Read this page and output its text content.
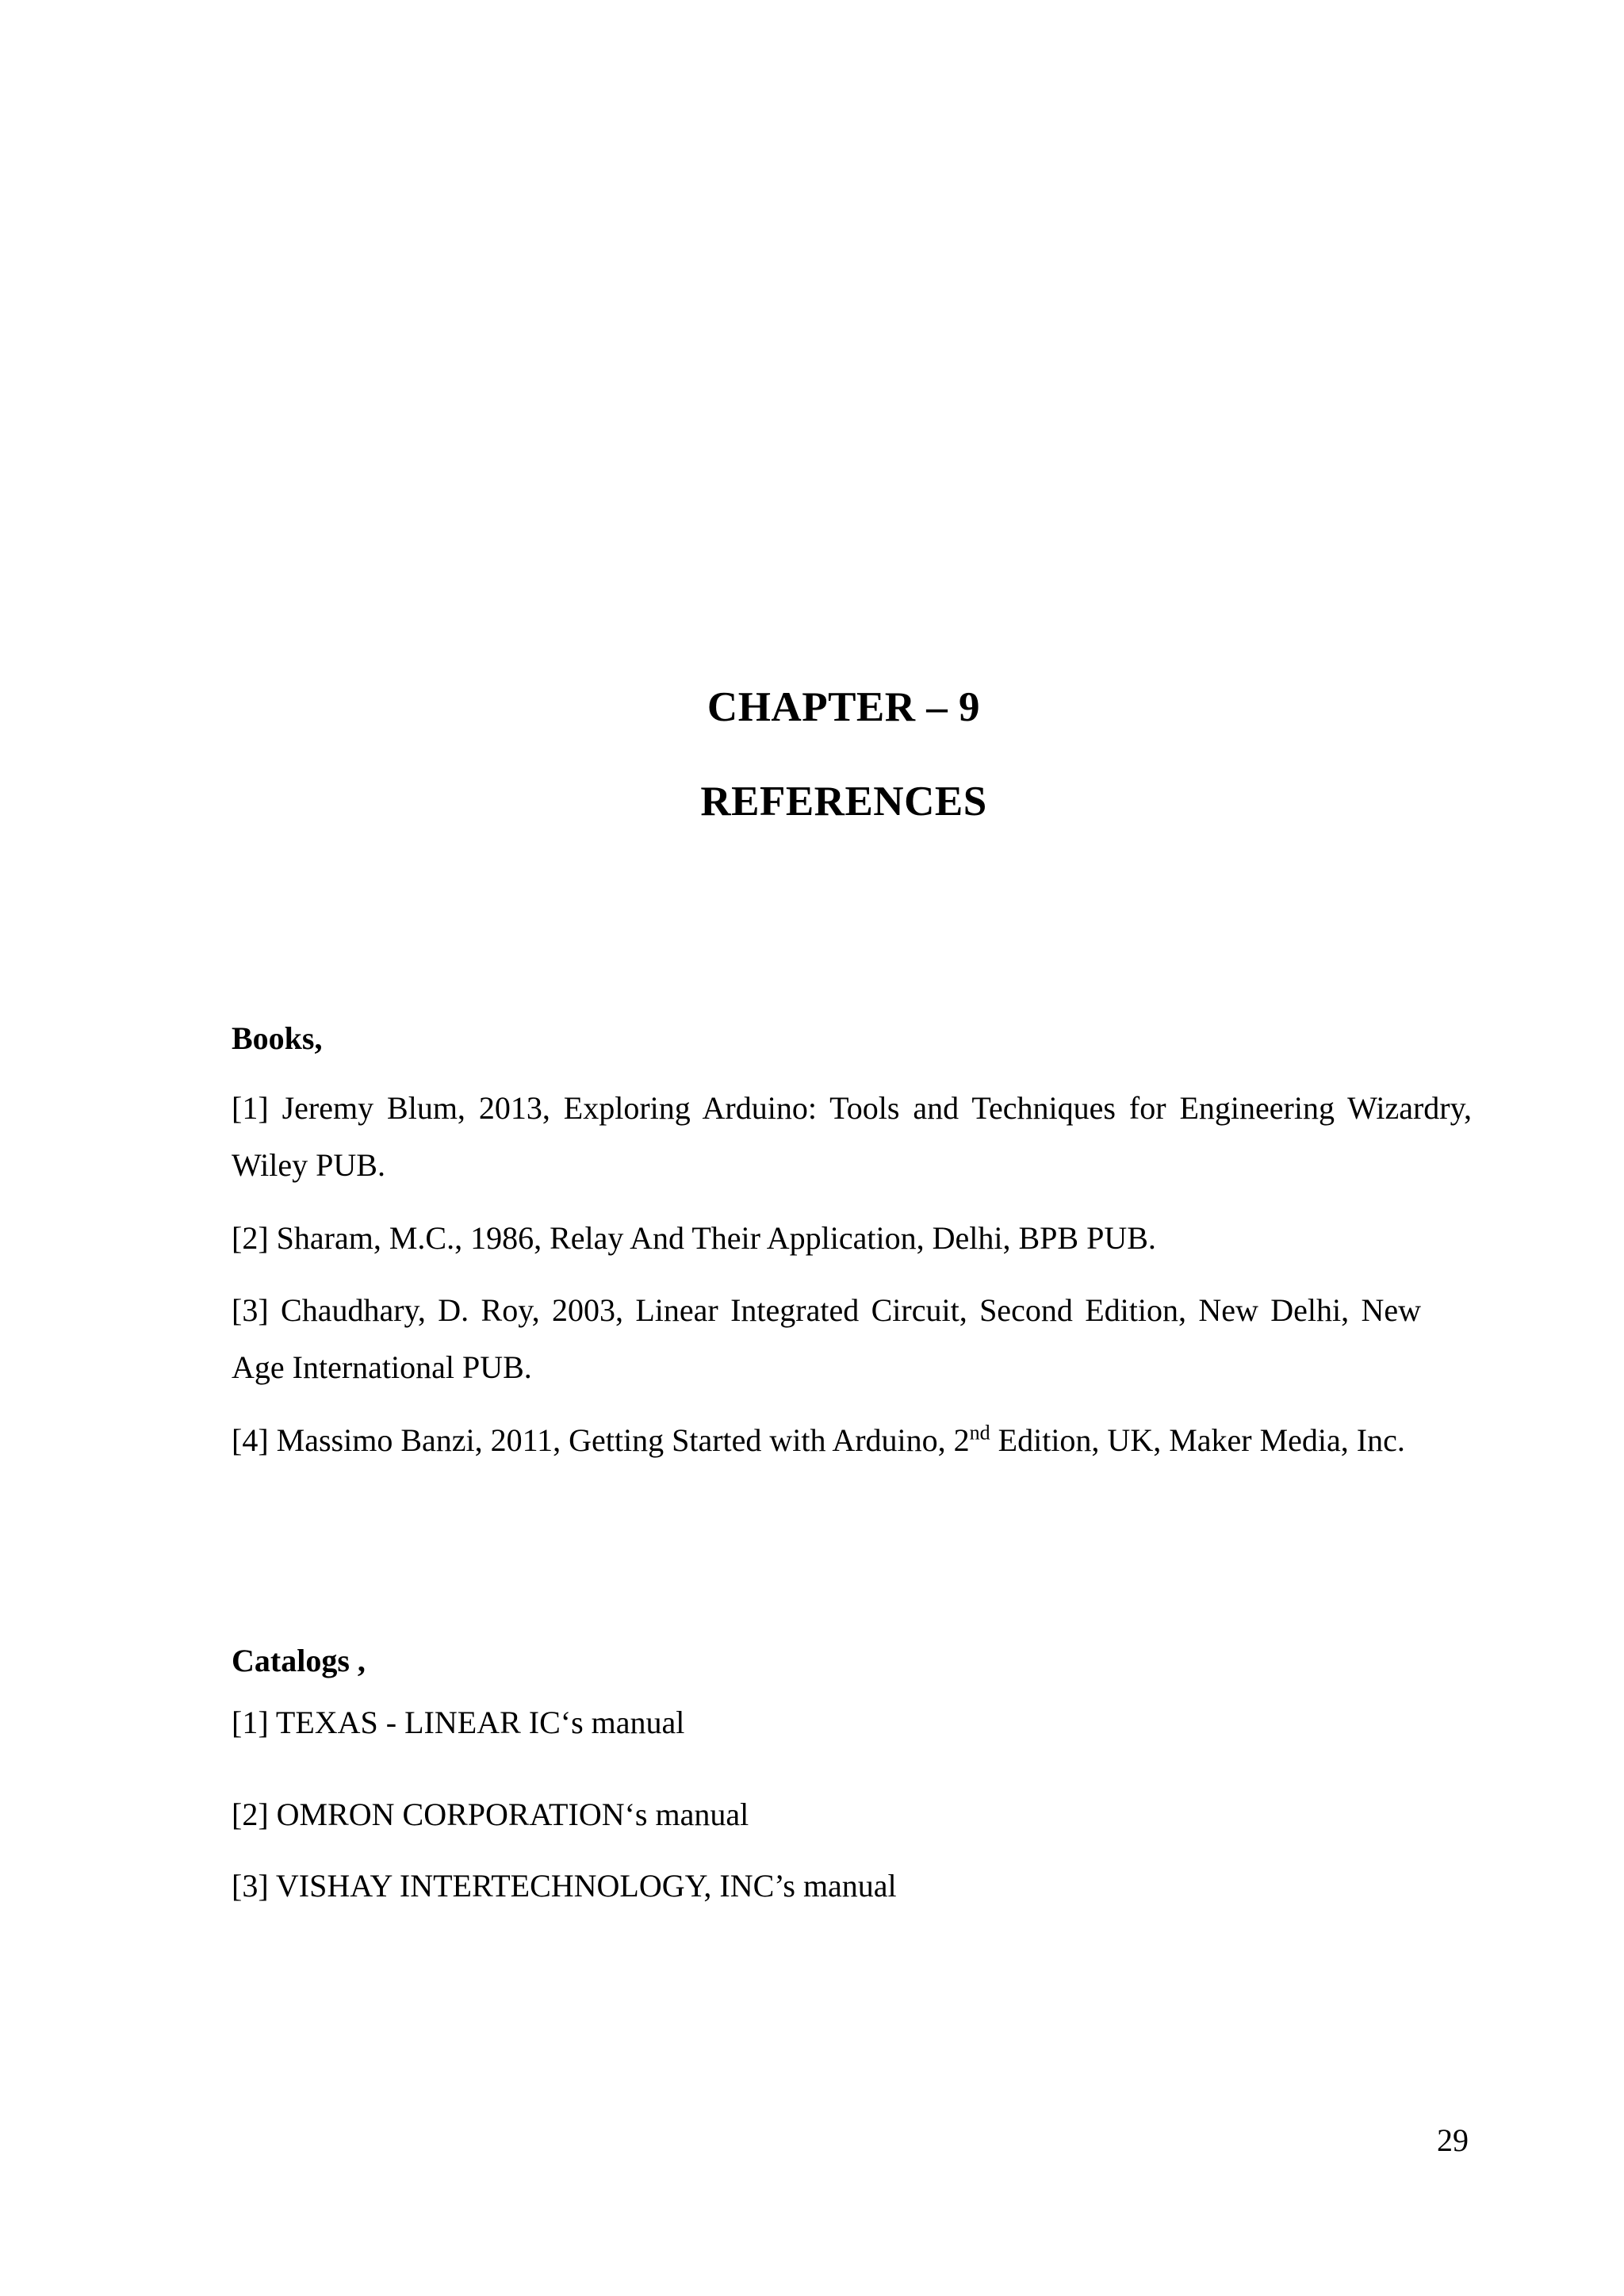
CHAPTER – 9
REFERENCES
Books,
[1] Jeremy Blum, 2013, Exploring Arduino: Tools and Techniques for Engineering Wizardry, Wiley PUB.
[2] Sharam, M.C., 1986, Relay And Their Application, Delhi, BPB PUB.
[3] Chaudhary, D. Roy, 2003, Linear Integrated Circuit, Second Edition, New Delhi, New Age International PUB.
[4] Massimo Banzi, 2011, Getting Started with Arduino, 2nd Edition, UK, Maker Media, Inc.
Catalogs ,
[1] TEXAS - LINEAR IC‘s manual
[2] OMRON CORPORATION‘s manual
[3] VISHAY INTERTECHNOLOGY, INC’s manual
29
